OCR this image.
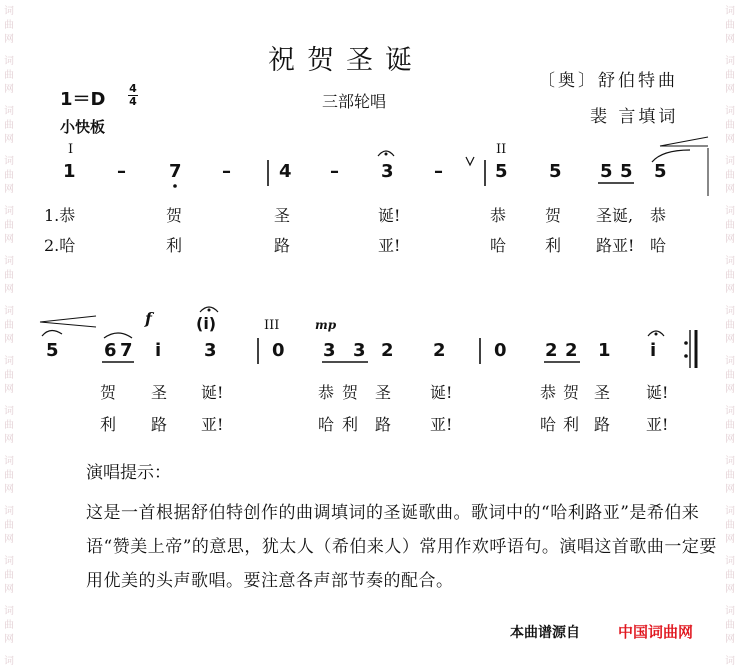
词
曲
网
词
曲
网
词
曲
网
词
曲
网
词
曲
网
词
曲
网
词
曲
网
词
曲
网
词
曲
网
词
曲
网
词
曲
网
词
曲
网
词
曲
网
词
词
曲
网
词
曲
网
词
曲
网
词
曲
网
词
曲
网
词
曲
网
词
曲
网
词
曲
网
词
曲
网
词
曲
网
词
曲
网
词
曲
网
词
曲
网
词
祝贺圣诞
1＝D
4
4
小快板
三部轮唱
〔奥〕舒伯特曲
裴 言填词
I	II
1 – 7 –	4 – 3 –	5 5 5 5 5
1.恭	贺	圣	诞!	恭 贺 圣诞, 恭
2.哈	利	路	亚!	哈 利 路亚! 哈
f	(i)	III	mp
5	6 7 i 3	0 3 3 2 2	0 2 2 1 i
贺 圣 诞!	恭 贺 圣 诞!	恭 贺 圣 诞!
利 路 亚!	哈 利 路 亚!	哈 利 路 亚!
演唱提示：
这是一首根据舒伯特创作的曲调填词的圣诞歌曲。歌词中的“哈利路亚”是希伯来语“赞美上帝”的意思，犹太人（希伯来人）常用作欢呼语句。演唱这首歌曲一定要用优美的头声歌唱。要注意各声部节奏的配合。
本曲谱源自	中国词曲网
